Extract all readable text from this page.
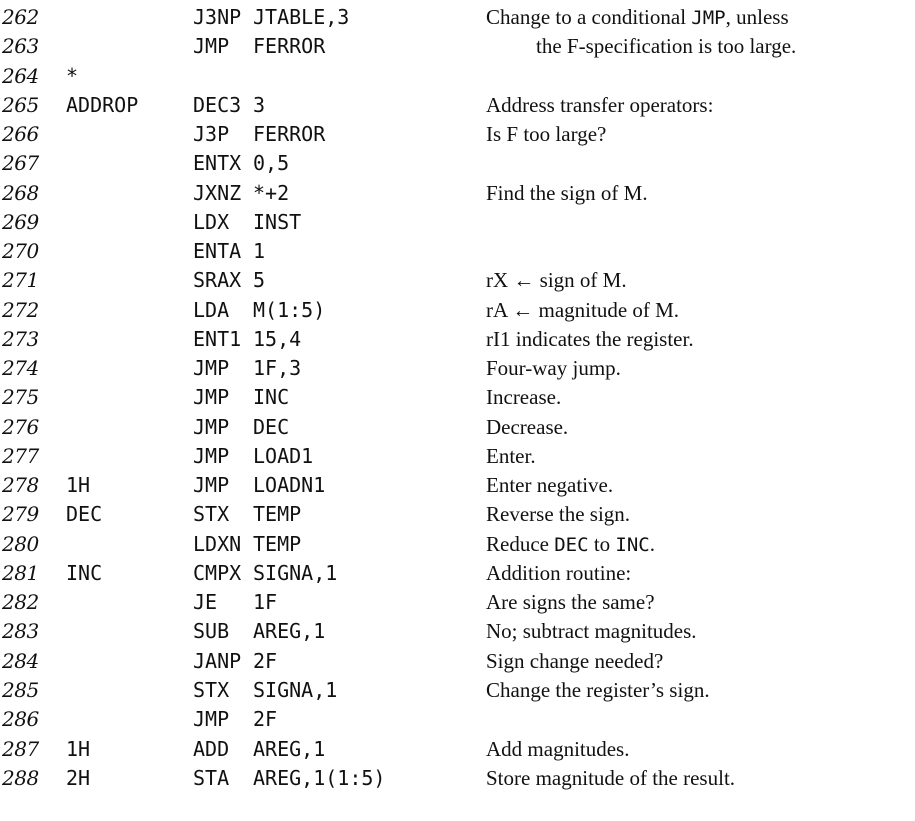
262	J3NP JTABLE,3	Change to a conditional JMP, unless
263	JMP FERROR	the F-specification is too large.
264 *
265 ADDROP	DEC3 3	Address transfer operators:
266	J3P FERROR	Is F too large?
267	ENTX 0,5
268	JXNZ *+2	Find the sign of M.
269	LDX INST
270	ENTA 1
271	SRAX 5	rX ← sign of M.
272	LDA M(1:5)	rA ← magnitude of M.
273	ENT1 15,4	rI1 indicates the register.
274	JMP 1F,3	Four-way jump.
275	JMP INC	Increase.
276	JMP DEC	Decrease.
277	JMP LOAD1	Enter.
278 1H	JMP LOADN1	Enter negative.
279 DEC	STX TEMP	Reverse the sign.
280	LDXN TEMP	Reduce DEC to INC.
281 INC	CMPX SIGNA,1	Addition routine:
282	JE 1F	Are signs the same?
283	SUB AREG,1	No; subtract magnitudes.
284	JANP 2F	Sign change needed?
285	STX SIGNA,1	Change the register’s sign.
286	JMP 2F
287 1H	ADD AREG,1	Add magnitudes.
288 2H	STA AREG,1(1:5)	Store magnitude of the result.
